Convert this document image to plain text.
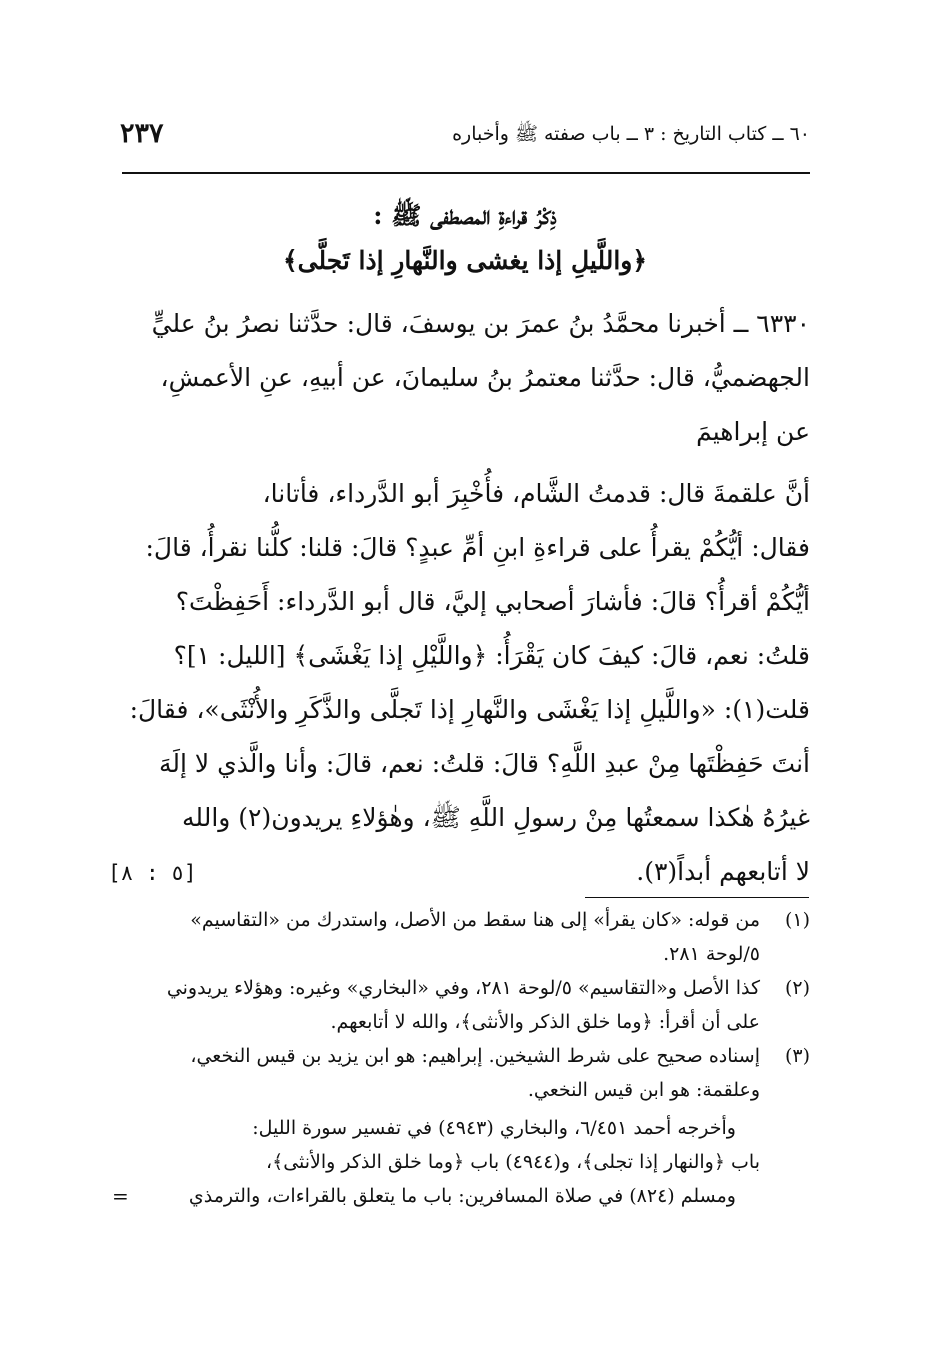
٦٠ ــ كتاب التاريخ : ٣ ــ باب صفته ﷺ وأخباره
٢٣٧
ذِكْرُ قراءةِ المصطفى ﷺ :
﴿واللَّيلِ إذا يغشى والنَّهارِ إذا تَجلَّى﴾
٦٣٣٠ ــ أخبرنا محمَّدُ بنُ عمرَ بن يوسفَ، قال: حدَّثنا نصرُ بنُ عليٍّ
الجهضميُّ، قال: حدَّثنا معتمرُ بنُ سليمانَ، عن أبيهِ، عنِ الأعمشِ،
عن إبراهيمَ
أنَّ علقمةَ قال: قدمتُ الشَّام، فأُخْبِرَ أبو الدَّرداء، فأتانا،
فقال: أيُّكُمْ يقرأُ على قراءةِ ابنِ أمِّ عبدٍ؟ قالَ: قلنا: كلُّنا نقرأُ، قالَ:
أيُّكُمْ أقرأُ؟ قالَ: فأشارَ أصحابي إليَّ، قال أبو الدَّرداء: أَحَفِظْتَ؟
قلتُ: نعم، قالَ: كيفَ كان يَقْرَأُ: ﴿واللَّيْلِ إذا يَغْشَى﴾ [الليل: ١]؟
قلت(١): «واللَّيلِ إذا يَغْشَى والنَّهارِ إذا تَجلَّى والذَّكَرِ والأُنْثَى»، فقالَ:
أنتَ حَفِظْتَها مِنْ عبدِ اللَّهِ؟ قالَ: قلتُ: نعم، قالَ: وأنا والَّذي لا إلَهَ
غيرُهُ هٰكذا سمعتُها مِنْ رسولِ اللَّهِ ﷺ، وهٰؤلاءِ يريدون(٢) والله
لا أتابعهم أبداً(٣).
[٥ : ٨]
(١)
من قوله: «كان يقرأ» إلى هنا سقط من الأصل، واستدرك من «التقاسيم»
٥/لوحة ٢٨١.
(٢)
كذا الأصل و«التقاسيم» ٥/لوحة ٢٨١، وفي «البخاري» وغيره: وهؤلاء يريدوني
على أن أقرأ: ﴿وما خلق الذكر والأنثى﴾، والله لا أتابعهم.
(٣)
إسناده صحيح على شرط الشيخين. إبراهيم: هو ابن يزيد بن قيس النخعي،
وعلقمة: هو ابن قيس النخعي.
وأخرجه أحمد ٦/٤٥١، والبخاري (٤٩٤٣) في تفسير سورة الليل:
باب ﴿والنهار إذا تجلى﴾، و(٤٩٤٤) باب ﴿وما خلق الذكر والأنثى﴾،
ومسلم (٨٢٤) في صلاة المسافرين: باب ما يتعلق بالقراءات، والترمذي
=
